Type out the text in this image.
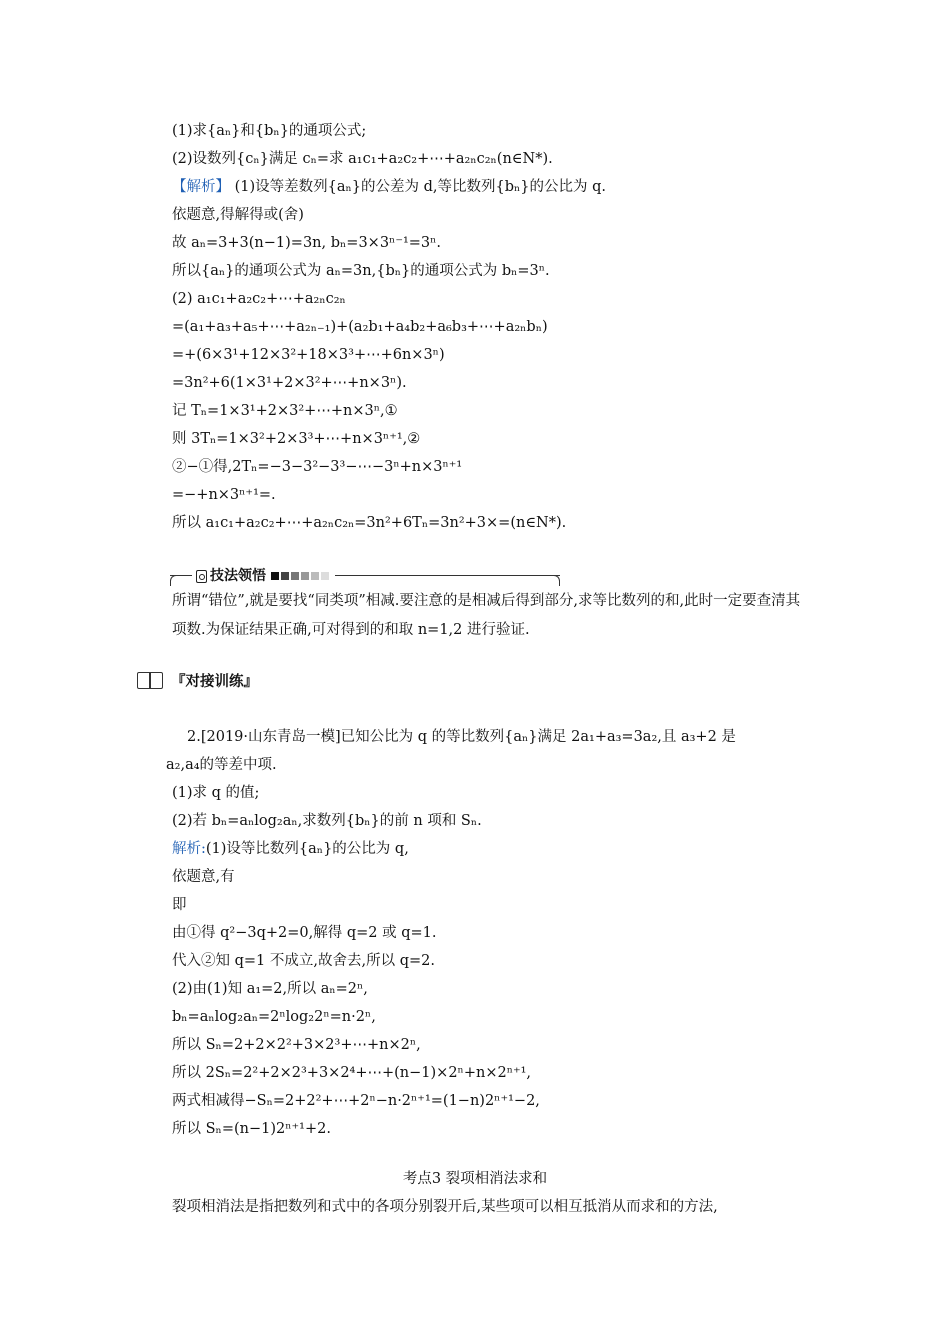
(1)求{aₙ}和{bₙ}的通项公式;
(2)设数列{cₙ}满足 cₙ=求 a₁c₁+a₂c₂+⋯+a₂ₙc₂ₙ(n∈N*).
【解析】 (1)设等差数列{aₙ}的公差为 d,等比数列{bₙ}的公比为 q.
依题意,得解得或(舍)
故 aₙ=3+3(n−1)=3n, bₙ=3×3ⁿ⁻¹=3ⁿ.
所以{aₙ}的通项公式为 aₙ=3n,{bₙ}的通项公式为 bₙ=3ⁿ.
(2) a₁c₁+a₂c₂+⋯+a₂ₙc₂ₙ
=(a₁+a₃+a₅+⋯+a₂ₙ₋₁)+(a₂b₁+a₄b₂+a₆b₃+⋯+a₂ₙbₙ)
=+(6×3¹+12×3²+18×3³+⋯+6n×3ⁿ)
=3n²+6(1×3¹+2×3²+⋯+n×3ⁿ).
记 Tₙ=1×3¹+2×3²+⋯+n×3ⁿ,①
则 3Tₙ=1×3²+2×3³+⋯+n×3ⁿ⁺¹,②
②−①得,2Tₙ=−3−3²−3³−⋯−3ⁿ+n×3ⁿ⁺¹
=−+n×3ⁿ⁺¹=.
所以 a₁c₁+a₂c₂+⋯+a₂ₙc₂ₙ=3n²+6Tₙ=3n²+3×=(n∈N*).
技法领悟
所谓“错位”,就是要找“同类项”相减.要注意的是相减后得到部分,求等比数列的和,此时一定要查清其项数.为保证结果正确,可对得到的和取 n=1,2 进行验证.
『对接训练』
2.[2019·山东青岛一模]已知公比为 q 的等比数列{aₙ}满足 2a₁+a₃=3a₂,且 a₃+2 是
a₂,a₄的等差中项.
(1)求 q 的值;
(2)若 bₙ=aₙlog₂aₙ,求数列{bₙ}的前 n 项和 Sₙ.
解析:(1)设等比数列{aₙ}的公比为 q,
依题意,有
即
由①得 q²−3q+2=0,解得 q=2 或 q=1.
代入②知 q=1 不成立,故舍去,所以 q=2.
(2)由(1)知 a₁=2,所以 aₙ=2ⁿ,
bₙ=aₙlog₂aₙ=2ⁿlog₂2ⁿ=n·2ⁿ,
所以 Sₙ=2+2×2²+3×2³+⋯+n×2ⁿ,
所以 2Sₙ=2²+2×2³+3×2⁴+⋯+(n−1)×2ⁿ+n×2ⁿ⁺¹,
两式相减得−Sₙ=2+2²+⋯+2ⁿ−n·2ⁿ⁺¹=(1−n)2ⁿ⁺¹−2,
所以 Sₙ=(n−1)2ⁿ⁺¹+2.
考点3 裂项相消法求和
裂项相消法是指把数列和式中的各项分别裂开后,某些项可以相互抵消从而求和的方法,
